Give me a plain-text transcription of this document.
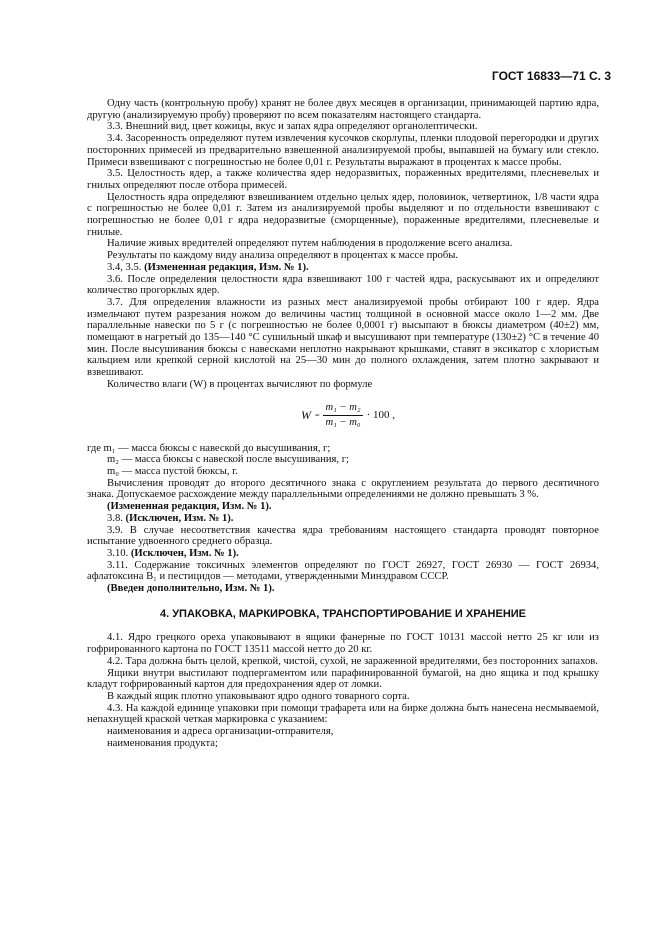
ГОСТ 16833—71 С. 3

Одну часть (контрольную пробу) хранят не более двух месяцев в организации, принимающей партию ядра, другую (анализируемую пробу) проверяют по всем показателям настоящего стандарта.

3.3. Внешний вид, цвет кожицы, вкус и запах ядра определяют органолептически.

3.4. Засоренность определяют путем извлечения кусочков скорлупы, пленки плодовой перегородки и других посторонних примесей из предварительно взвешенной анализируемой пробы, выпавшей на бумагу или стекло. Примеси взвешивают с погрешностью не более 0,01 г. Результаты выражают в процентах к массе пробы.

3.5. Целостность ядер, а также количества ядер недоразвитых, пораженных вредителями, плесневелых и гнилых определяют после отбора примесей.

Целостность ядра определяют взвешиванием отдельно целых ядер, половинок, четвертинок, 1/8 части ядра с погрешностью не более 0,01 г. Затем из анализируемой пробы выделяют и по отдельности взвешивают с погрешностью не более 0,01 г ядра недоразвитые (сморщенные), пораженные вредителями, плесневелые и гнилые.

Наличие живых вредителей определяют путем наблюдения в продолжение всего анализа.

Результаты по каждому виду анализа определяют в процентах к массе пробы.

3.4, 3.5. (Измененная редакция, Изм. № 1).

3.6. После определения целостности ядра взвешивают 100 г частей ядра, раскусывают их и определяют количество прогорклых ядер.

3.7. Для определения влажности из разных мест анализируемой пробы отбирают 100 г ядер. Ядра измельчают путем разрезания ножом до величины частиц толщиной в основной массе около 1—2 мм. Две параллельные навески по 5 г (с погрешностью не более 0,0001 г) высыпают в бюксы диаметром (40±2) мм, помещают в нагретый до 135—140 °С сушильный шкаф и высушивают при температуре (130±2) °С в течение 40 мин. После высушивания бюксы с навесками неплотно накрывают крышками, ставят в эксикатор с хлористым кальцием или крепкой серной кислотой на 25—30 мин до полного охлаждения, затем плотно закрывают и взвешивают.

Количество влаги (W) в процентах вычисляют по формуле

$W = \frac{\text{m₁ − m₂}}{\text{m₁ − m₀}} \cdot 100$ ,

где m₁ — масса бюксы с навеской до высушивания, г;

m₂ — масса бюксы с навеской после высушивания, г;

m₀ — масса пустой бюксы, г.

Вычисления проводят до второго десятичного знака с округлением результата до первого десятичного знака. Допускаемое расхождение между параллельными определениями не должно превышать 3 %.

(Измененная редакция, Изм. № 1).

3.8. (Исключен, Изм. № 1).

3.9. В случае несоответствия качества ядра требованиям настоящего стандарта проводят повторное испытание удвоенного среднего образца.

3.10. (Исключен, Изм. № 1).

3.11. Содержание токсичных элементов определяют по ГОСТ 26927, ГОСТ 26930 — ГОСТ 26934, афлатоксина B₁ и пестицидов — методами, утвержденными Минздравом СССР.

(Введен дополнительно, Изм. № 1).

4. УПАКОВКА, МАРКИРОВКА, ТРАНСПОРТИРОВАНИЕ И ХРАНЕНИЕ

4.1. Ядро грецкого ореха упаковывают в ящики фанерные по ГОСТ 10131 массой нетто 25 кг или из гофрированного картона по ГОСТ 13511 массой нетто до 20 кг.

4.2. Тара должна быть целой, крепкой, чистой, сухой, не зараженной вредителями, без посторонних запахов.

Ящики внутри выстилают подпергаментом или парафинированной бумагой, на дно ящика и под крышку кладут гофрированный картон для предохранения ядер от ломки.

В каждый ящик плотно упаковывают ядро одного товарного сорта.

4.3. На каждой единице упаковки при помощи трафарета или на бирке должна быть нанесена несмываемой, непахнущей краской четкая маркировка с указанием:

наименования и адреса организации-отправителя,

наименования продукта;
